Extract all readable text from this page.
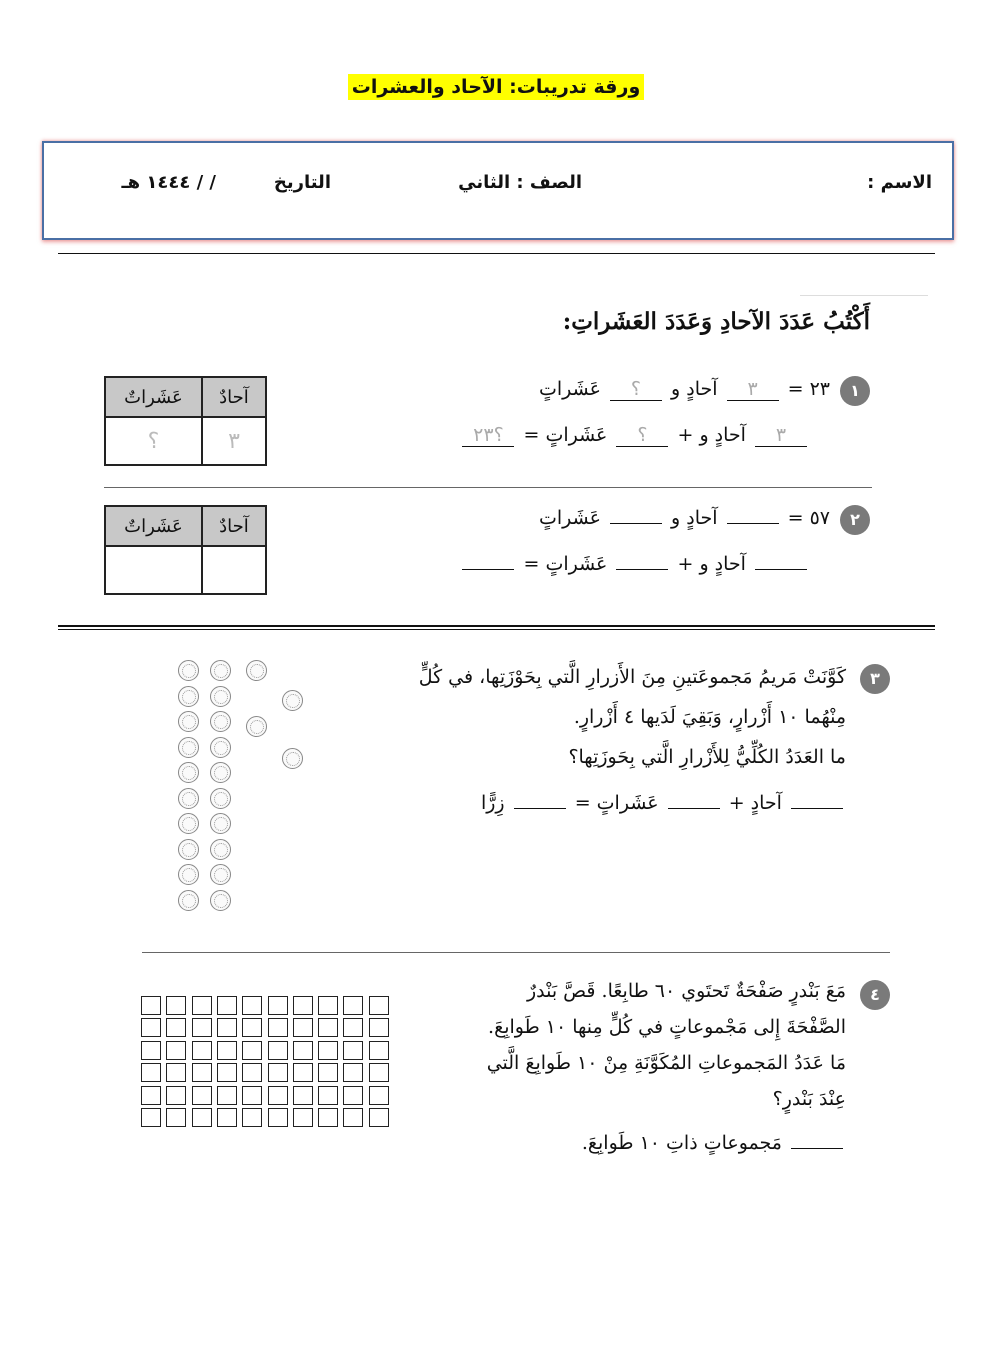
ورقة تدريبات: الآحاد والعشرات
الاسم :
الصف : الثاني
التاريخ
/ / ١٤٤٤ هـ
أَكْتُبُ عَدَدَ الآحادِ وَعَدَدَ العَشَراتِ:
١
٢٣ = ٣ آحادٍ و ؟ عَشَراتٍ
٣ آحادٍ و + ؟ عَشَراتٍ = ؟٢٣
آحادٌ	عَشَراتٌ
٣	؟
٢
٥٧ =  آحادٍ و  عَشَراتٍ
آحادٍ و +  عَشَراتٍ =
آحادٌ	عَشَراتٌ

٣
كَوَّنَتْ مَريمُ مَجموعَتينِ مِنَ الأَزرارِ الَّتي بِحَوْزَتِها، في كُلٍّ
مِنْهُما ١٠ أَزْرارٍ، وَبَقِيَ لَدَيها ٤ أَزْرارٍ.
ما العَدَدُ الكُلِّيُّ لِلأَزْرارِ الَّتي بِحَوزَتِها؟
آحادٍ +  عَشَراتٍ =  زِرًّا
٤
مَعَ بَنْدرٍ صَفْحَةٌ تَحتَوي ٦٠ طابِعًا. قَصَّ بَنْدرٌ
الصَّفْحَةَ إِلى مَجْموعاتٍ في كُلٍّ مِنها ١٠ طَوابِعَ.
مَا عَدَدُ المَجموعاتِ المُكَوَّنَةِ مِنْ ١٠ طَوابِعَ الَّتي
عِنْدَ بَنْدرٍ؟
مَجموعاتٍ ذاتِ ١٠ طَوابِعَ.
